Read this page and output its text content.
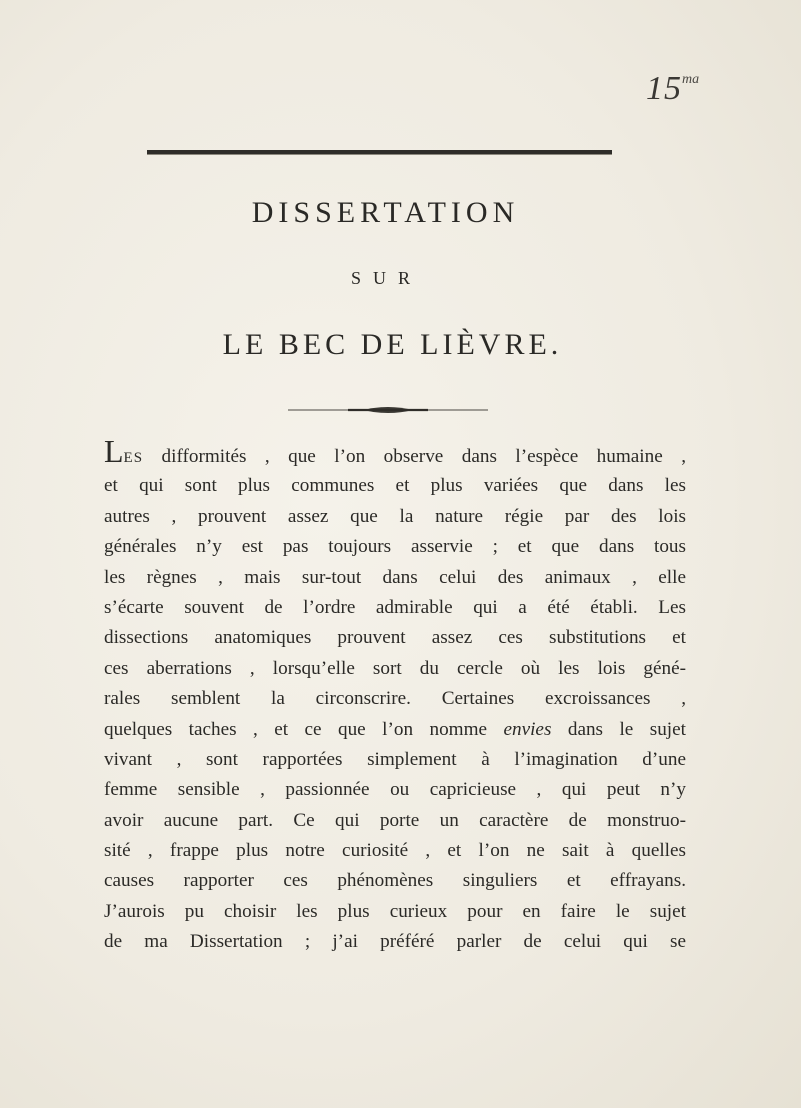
15 ma
DISSERTATION
SUR
LE BEC DE LIÈVRE.
LES difformités , que l’on observe dans l’espèce humaine ,
et qui sont plus communes et plus variées que dans les
autres , prouvent assez que la nature régie par des lois
générales n’y est pas toujours asservie ; et que dans tous
les règnes , mais sur-tout dans celui des animaux , elle
s’écarte souvent de l’ordre admirable qui a été établi. Les
dissections anatomiques prouvent assez ces substitutions et
ces aberrations , lorsqu’elle sort du cercle où les lois géné-
rales semblent la circonscrire. Certaines excroissances ,
quelques taches , et ce que l’on nomme envies dans le sujet
vivant , sont rapportées simplement à l’imagination d’une
femme sensible , passionnée ou capricieuse , qui peut n’y
avoir aucune part. Ce qui porte un caractère de monstruo-
sité , frappe plus notre curiosité , et l’on ne sait à quelles
causes rapporter ces phénomènes singuliers et effrayans.
J’aurois pu choisir les plus curieux pour en faire le sujet
de ma Dissertation ; j’ai préféré parler de celui qui se
